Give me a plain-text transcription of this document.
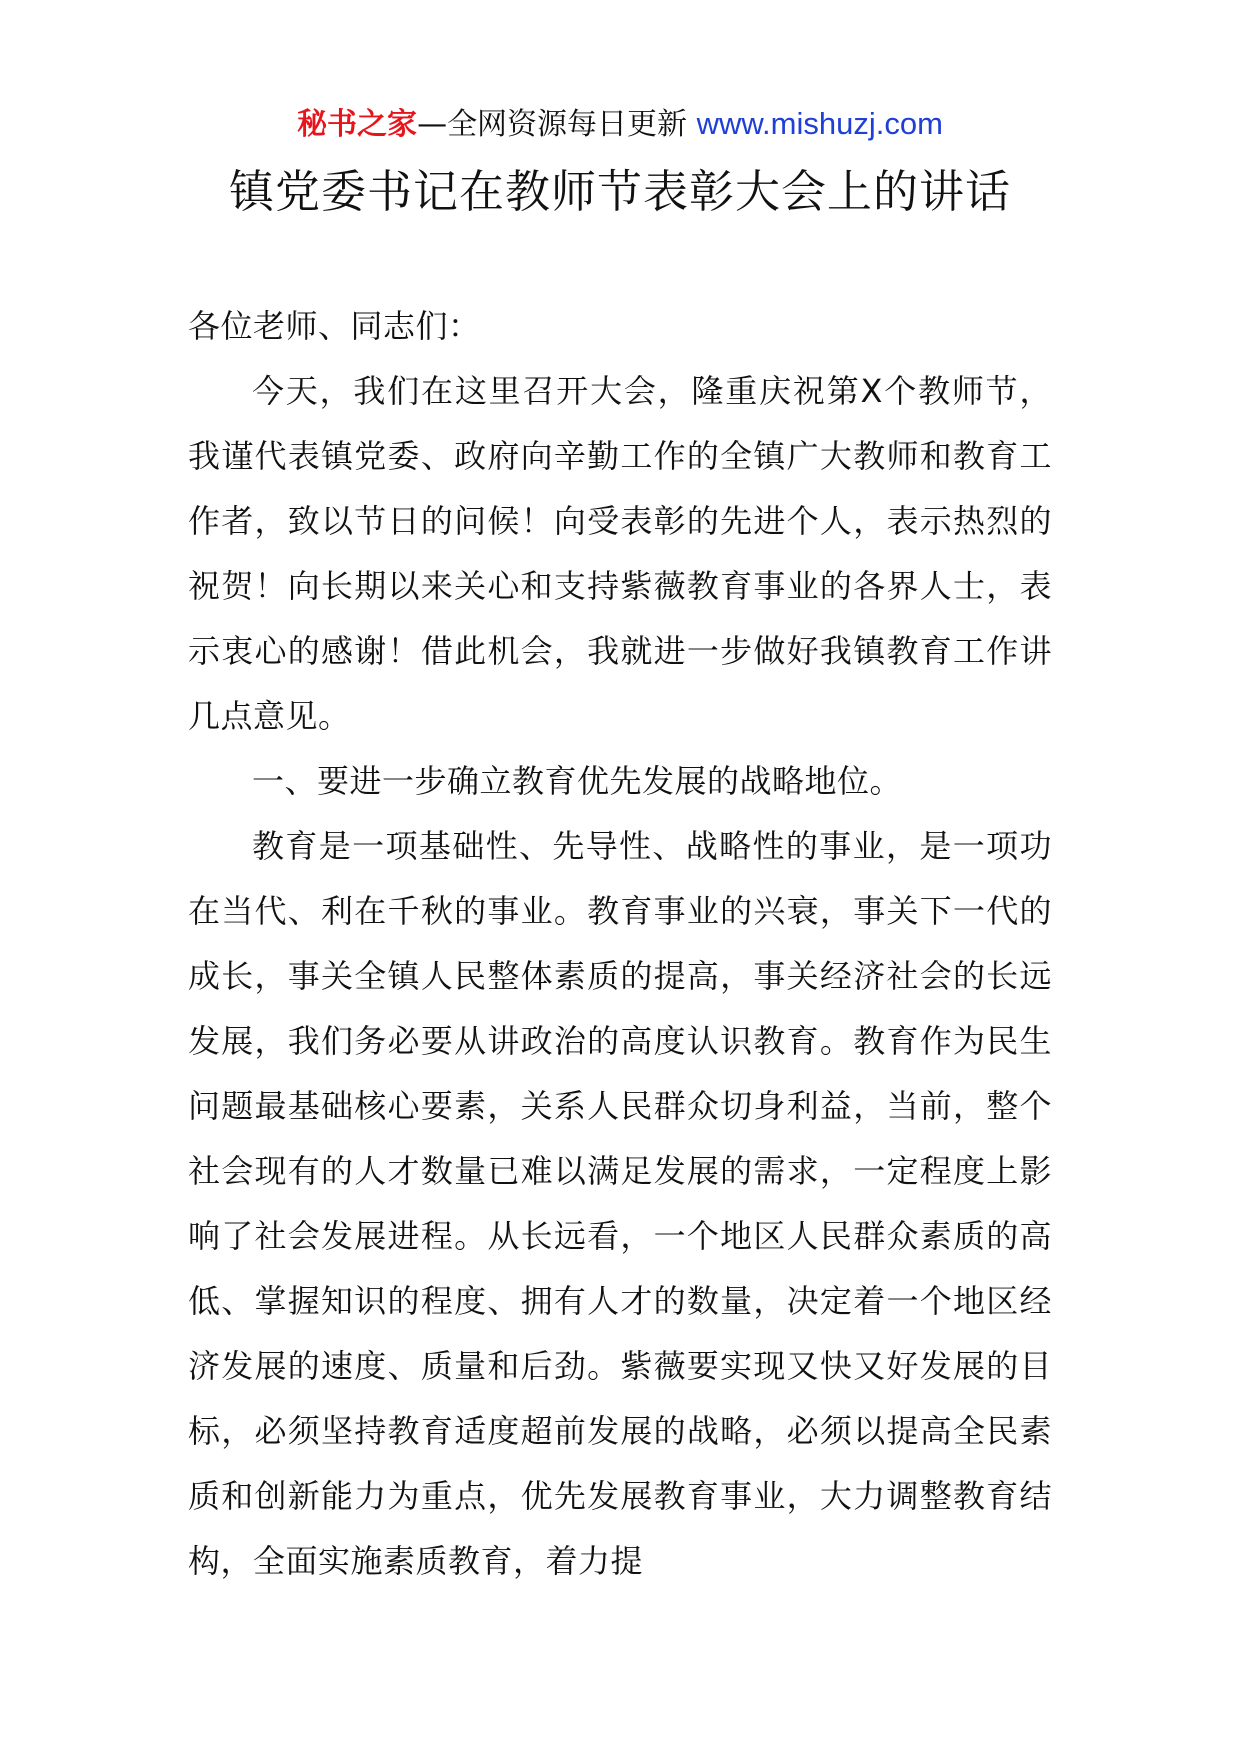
秘书之家—全网资源每日更新 www.mishuzj.com
镇党委书记在教师节表彰大会上的讲话

各位老师、同志们：

今天，我们在这里召开大会，隆重庆祝第X个教师节，我谨代表镇党委、政府向辛勤工作的全镇广大教师和教育工作者，致以节日的问候！向受表彰的先进个人，表示热烈的祝贺！向长期以来关心和支持紫薇教育事业的各界人士，表示衷心的感谢！借此机会，我就进一步做好我镇教育工作讲几点意见。

一、要进一步确立教育优先发展的战略地位。

教育是一项基础性、先导性、战略性的事业，是一项功在当代、利在千秋的事业。教育事业的兴衰，事关下一代的成长，事关全镇人民整体素质的提高，事关经济社会的长远发展，我们务必要从讲政治的高度认识教育。教育作为民生问题最基础核心要素，关系人民群众切身利益，当前，整个社会现有的人才数量已难以满足发展的需求，一定程度上影响了社会发展进程。从长远看，一个地区人民群众素质的高低、掌握知识的程度、拥有人才的数量，决定着一个地区经济发展的速度、质量和后劲。紫薇要实现又快又好发展的目标，必须坚持教育适度超前发展的战略，必须以提高全民素质和创新能力为重点，优先发展教育事业，大力调整教育结构，全面实施素质教育，着力提
